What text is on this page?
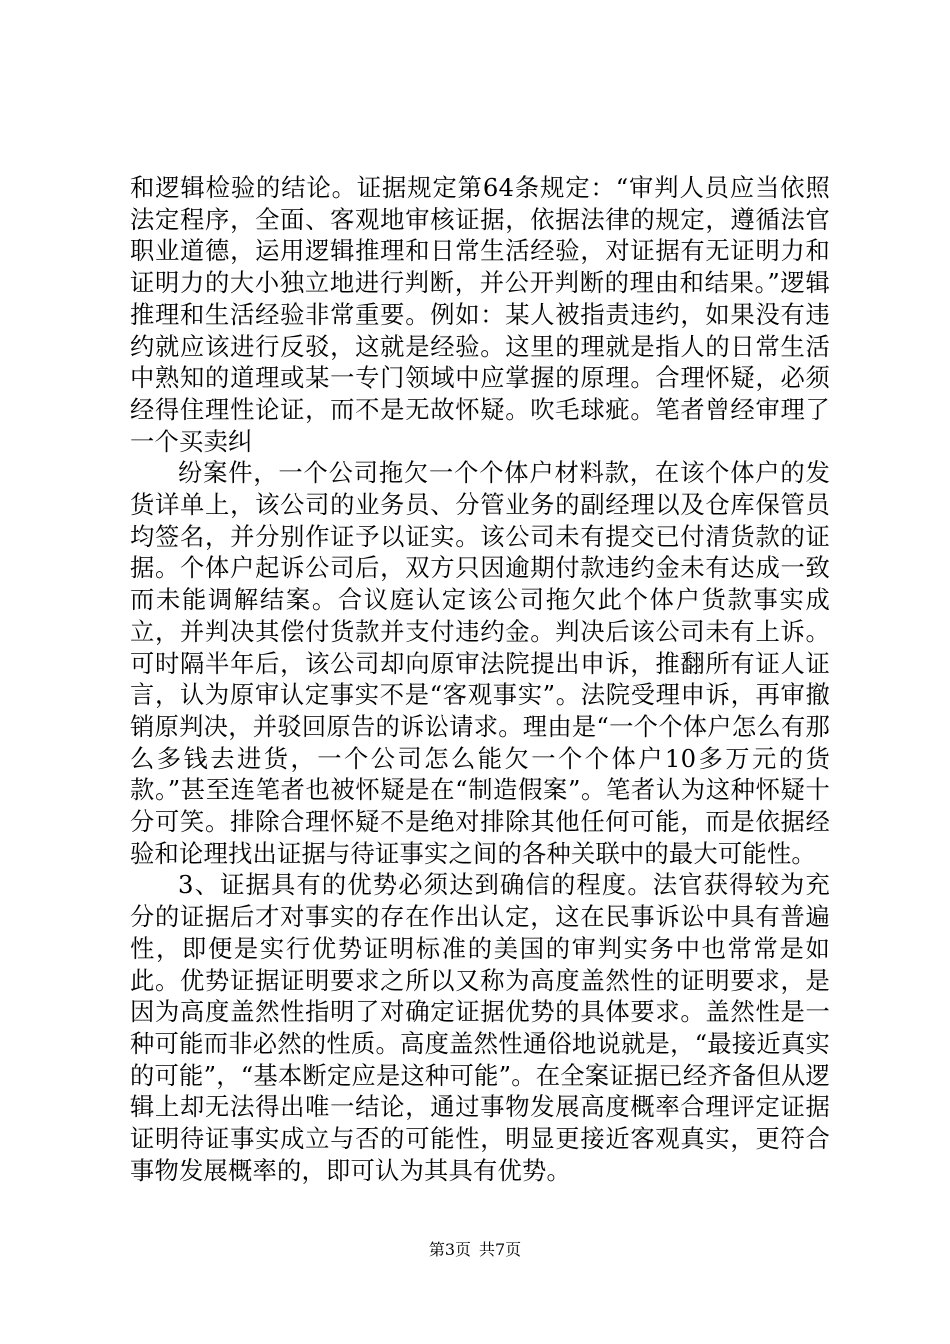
和逻辑检验的结论。证据规定第64条规定：“审判人员应当依照法定程序，全面、客观地审核证据，依据法律的规定，遵循法官职业道德，运用逻辑推理和日常生活经验，对证据有无证明力和证明力的大小独立地进行判断，并公开判断的理由和结果。”逻辑推理和生活经验非常重要。例如：某人被指责违约，如果没有违约就应该进行反驳，这就是经验。这里的理就是指人的日常生活中熟知的道理或某一专门领域中应掌握的原理。合理怀疑，必须经得住理性论证，而不是无故怀疑。吹毛球疵。笔者曾经审理了一个买卖纠

纷案件，一个公司拖欠一个个体户材料款，在该个体户的发货详单上，该公司的业务员、分管业务的副经理以及仓库保管员均签名，并分别作证予以证实。该公司未有提交已付清货款的证据。个体户起诉公司后，双方只因逾期付款违约金未有达成一致而未能调解结案。合议庭认定该公司拖欠此个体户货款事实成立，并判决其偿付货款并支付违约金。判决后该公司未有上诉。可时隔半年后，该公司却向原审法院提出申诉，推翻所有证人证言，认为原审认定事实不是“客观事实”。法院受理申诉，再审撤销原判决，并驳回原告的诉讼请求。理由是“一个个体户怎么有那么多钱去进货，一个公司怎么能欠一个个体户10多万元的货款。”甚至连笔者也被怀疑是在“制造假案”。笔者认为这种怀疑十分可笑。排除合理怀疑不是绝对排除其他任何可能，而是依据经验和论理找出证据与待证事实之间的各种关联中的最大可能性。

3、证据具有的优势必须达到确信的程度。法官获得较为充分的证据后才对事实的存在作出认定，这在民事诉讼中具有普遍性，即便是实行优势证明标准的美国的审判实务中也常常是如此。优势证据证明要求之所以又称为高度盖然性的证明要求，是因为高度盖然性指明了对确定证据优势的具体要求。盖然性是一种可能而非必然的性质。高度盖然性通俗地说就是，“最接近真实的可能”，“基本断定应是这种可能”。在全案证据已经齐备但从逻辑上却无法得出唯一结论，通过事物发展高度概率合理评定证据证明待证事实成立与否的可能性，明显更接近客观真实，更符合事物发展概率的，即可认为其具有优势。

第3页 共7页
